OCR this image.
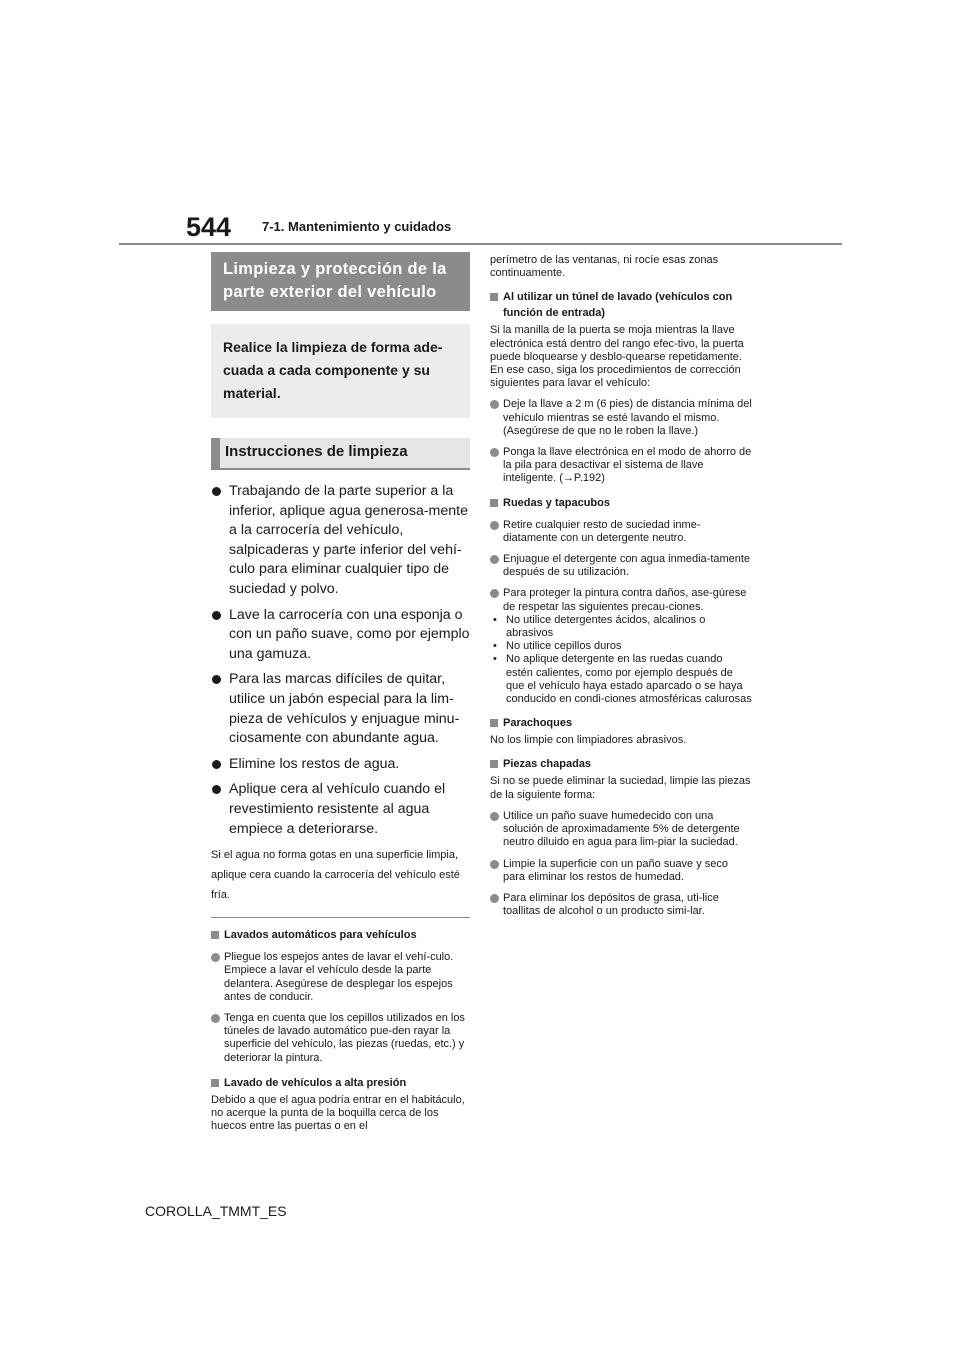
544 7-1. Mantenimiento y cuidados
Limpieza y protección de la parte exterior del vehículo
Realice la limpieza de forma ade-cuada a cada componente y su material.
Instrucciones de limpieza
Trabajando de la parte superior a la inferior, aplique agua generosa-mente a la carrocería del vehículo, salpicaderas y parte inferior del vehí-culo para eliminar cualquier tipo de suciedad y polvo.
Lave la carrocería con una esponja o con un paño suave, como por ejemplo una gamuza.
Para las marcas difíciles de quitar, utilice un jabón especial para la lim-pieza de vehículos y enjuague minu-ciosamente con abundante agua.
Elimine los restos de agua.
Aplique cera al vehículo cuando el revestimiento resistente al agua empiece a deteriorarse.
Si el agua no forma gotas en una superficie limpia, aplique cera cuando la carrocería del vehículo esté fría.
Lavados automáticos para vehículos
Pliegue los espejos antes de lavar el vehí-culo. Empiece a lavar el vehículo desde la parte delantera. Asegúrese de desplegar los espejos antes de conducir.
Tenga en cuenta que los cepillos utilizados en los túneles de lavado automático pue-den rayar la superficie del vehículo, las piezas (ruedas, etc.) y deteriorar la pintura.
Lavado de vehículos a alta presión
Debido a que el agua podría entrar en el habitáculo, no acerque la punta de la boquilla cerca de los huecos entre las puertas o en el
perímetro de las ventanas, ni rocíe esas zonas continuamente.
Al utilizar un túnel de lavado (vehículos con función de entrada)
Si la manilla de la puerta se moja mientras la llave electrónica está dentro del rango efec-tivo, la puerta puede bloquearse y desblo-quearse repetidamente. En ese caso, siga los procedimientos de corrección siguientes para lavar el vehículo:
Deje la llave a 2 m (6 pies) de distancia mínima del vehículo mientras se esté lavando el mismo. (Asegúrese de que no le roben la llave.)
Ponga la llave electrónica en el modo de ahorro de la pila para desactivar el sistema de llave inteligente. (→P.192)
Ruedas y tapacubos
Retire cualquier resto de suciedad inme-diatamente con un detergente neutro.
Enjuague el detergente con agua inmedia-tamente después de su utilización.
Para proteger la pintura contra daños, ase-gúrese de respetar las siguientes precau-ciones.
• No utilice detergentes ácidos, alcalinos o abrasivos
• No utilice cepillos duros
• No aplique detergente en las ruedas cuando estén calientes, como por ejemplo después de que el vehículo haya estado aparcado o se haya conducido en condi-ciones atmosféricas calurosas
Parachoques
No los limpie con limpiadores abrasivos.
Piezas chapadas
Si no se puede eliminar la suciedad, limpie las piezas de la siguiente forma:
Utilice un paño suave humedecido con una solución de aproximadamente 5% de detergente neutro diluido en agua para lim-piar la suciedad.
Limpie la superficie con un paño suave y seco para eliminar los restos de humedad.
Para eliminar los depósitos de grasa, uti-lice toallitas de alcohol o un producto simi-lar.
COROLLA_TMMT_ES
